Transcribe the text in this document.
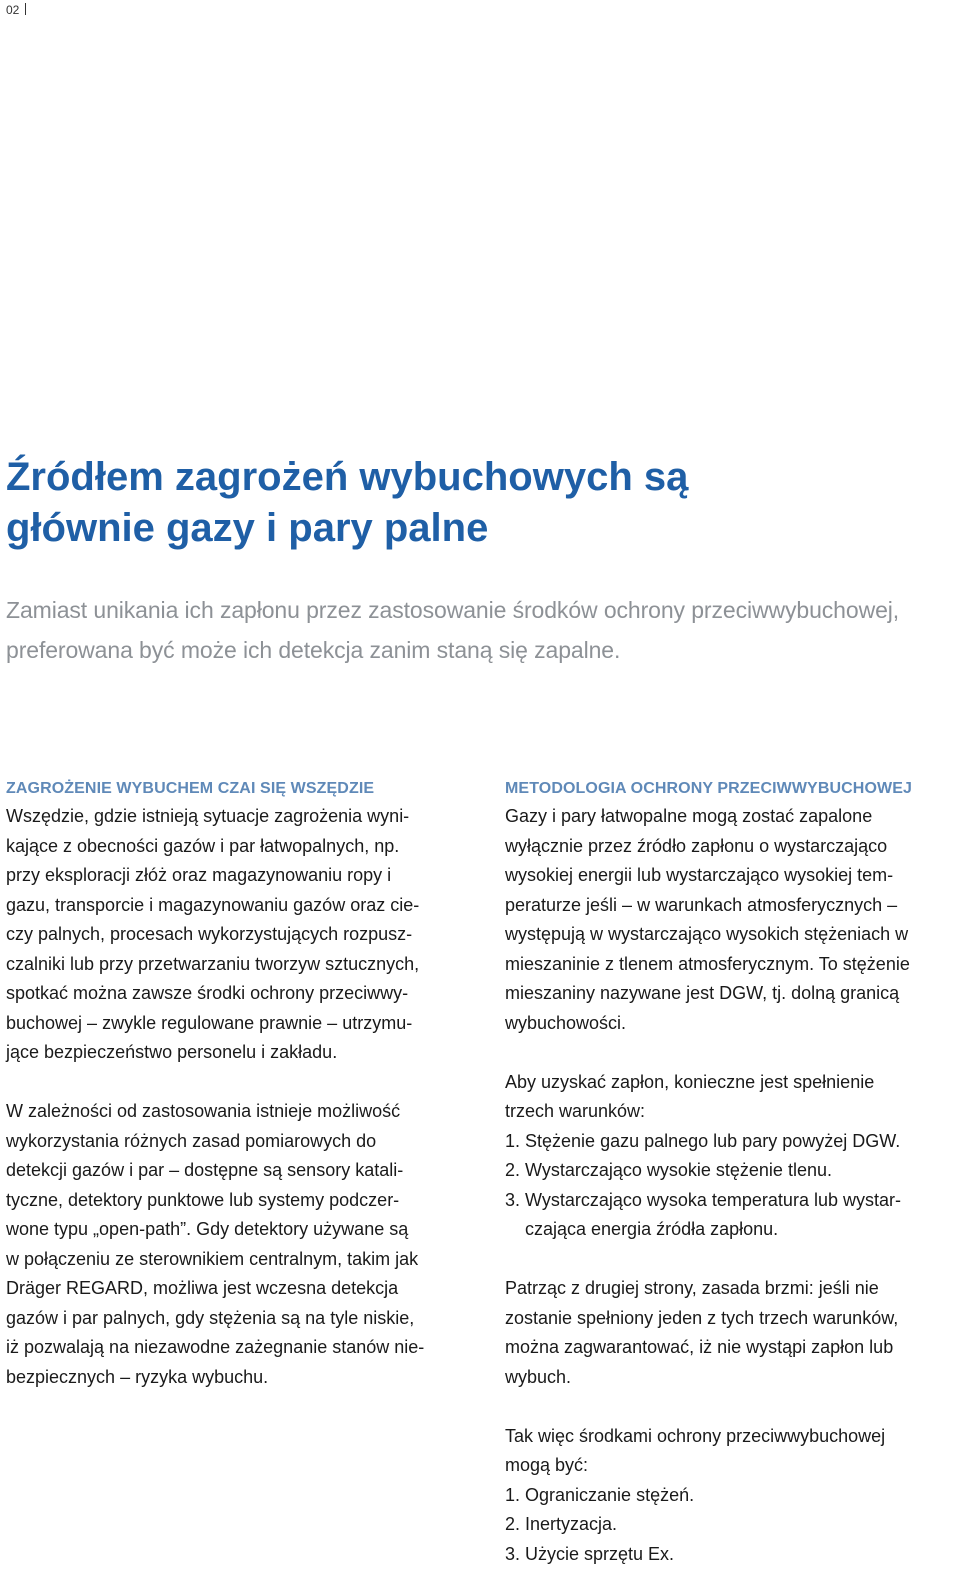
02
Źródłem zagrożeń wybuchowych są
głównie gazy i pary palne
Zamiast unikania ich zapłonu przez zastosowanie środków ochrony przeciwwybuchowej,
preferowana być może ich detekcja zanim staną się zapalne.
ZAGROŻENIE WYBUCHEM CZAI SIĘ WSZĘDZIE

Wszędzie, gdzie istnieją sytuacje zagrożenia wyni-
kające z obecności gazów i par łatwopalnych, np.
przy eksploracji złóż oraz magazynowaniu ropy i
gazu, transporcie i magazynowaniu gazów oraz cie-
czy palnych, procesach wykorzystujących rozpusz-
czalniki lub przy przetwarzaniu tworzyw sztucznych,
spotkać można zawsze środki ochrony przeciwwy-
buchowej – zwykle regulowane prawnie – utrzymu-
jące bezpieczeństwo personelu i zakładu.

W zależności od zastosowania istnieje możliwość
wykorzystania różnych zasad pomiarowych do
detekcji gazów i par – dostępne są sensory katali-
tyczne, detektory punktowe lub systemy podczer-
wone typu „open-path”. Gdy detektory używane są
w połączeniu ze sterownikiem centralnym, takim jak
Dräger REGARD, możliwa jest wczesna detekcja
gazów i par palnych, gdy stężenia są na tyle niskie,
iż pozwalają na niezawodne zażegnanie stanów nie-
bezpiecznych – ryzyka wybuchu.

METODOLOGIA OCHRONY PRZECIWWYBUCHOWEJ

Gazy i pary łatwopalne mogą zostać zapalone
wyłącznie przez źródło zapłonu o wystarczająco
wysokiej energii lub wystarczająco wysokiej tem-
peraturze jeśli – w warunkach atmosferycznych –
występują w wystarczająco wysokich stężeniach w
mieszaninie z tlenem atmosferycznym. To stężenie
mieszaniny nazywane jest DGW, tj. dolną granicą
wybuchowości.

Aby uzyskać zapłon, konieczne jest spełnienie
trzech warunków:

1. Stężenie gazu palnego lub pary powyżej DGW.
2. Wystarczająco wysokie stężenie tlenu.
3. Wystarczająco wysoka temperatura lub wystar-
czająca energia źródła zapłonu.

Patrząc z drugiej strony, zasada brzmi: jeśli nie
zostanie spełniony jeden z tych trzech warunków,
można zagwarantować, iż nie wystąpi zapłon lub
wybuch.

Tak więc środkami ochrony przeciwwybuchowej
mogą być:

1. Ograniczanie stężeń.
2. Inertyzacja.
3. Użycie sprzętu Ex.
